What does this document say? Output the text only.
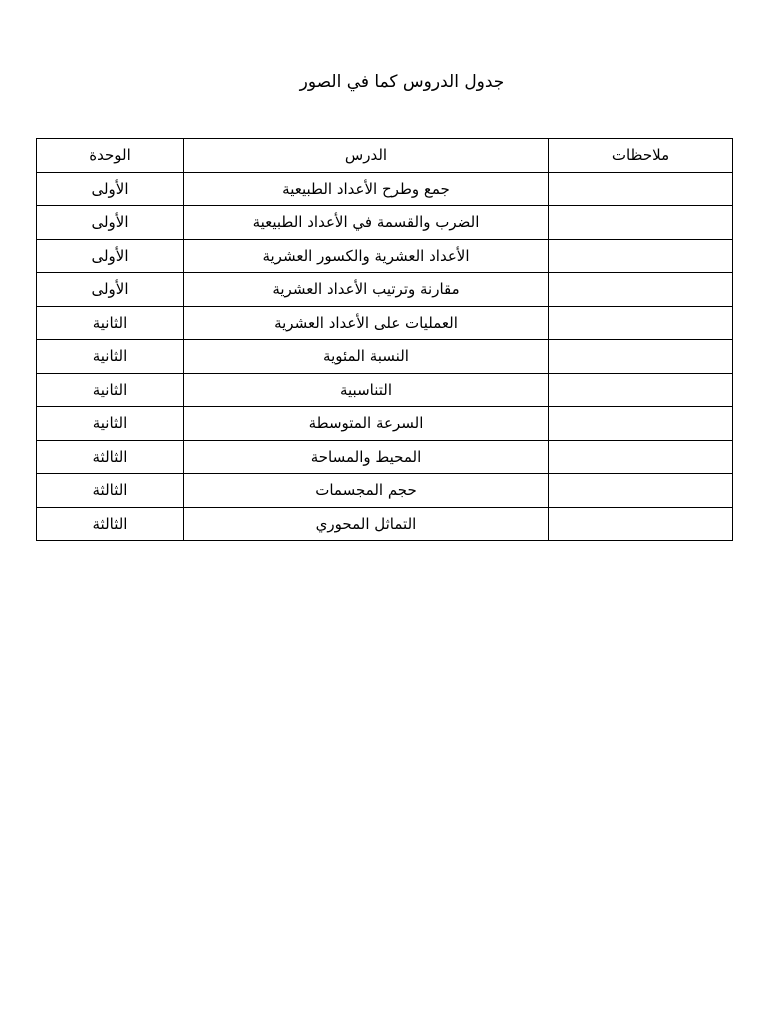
جدول الدروس كما في الصور
الوحدة	الدرس	ملاحظات
الأولى	جمع وطرح الأعداد الطبيعية	
الأولى	الضرب والقسمة في الأعداد الطبيعية	
الأولى	الأعداد العشرية والكسور العشرية	
الأولى	مقارنة وترتيب الأعداد العشرية	
الثانية	العمليات على الأعداد العشرية	
الثانية	النسبة المئوية	
الثانية	التناسبية	
الثانية	السرعة المتوسطة	
الثالثة	المحيط والمساحة	
الثالثة	حجم المجسمات	
الثالثة	التماثل المحوري	
